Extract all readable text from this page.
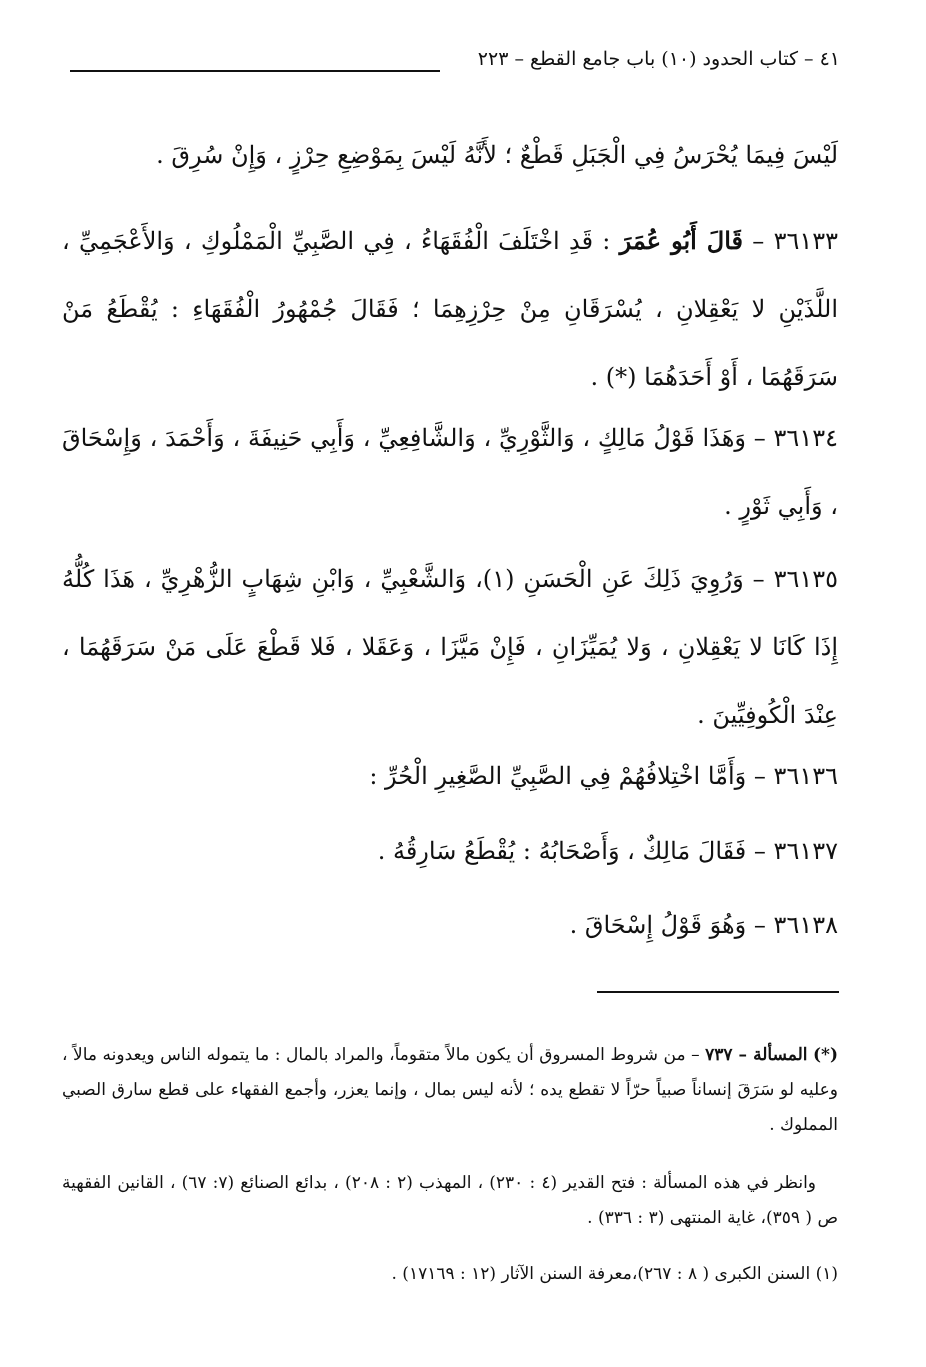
٤١ – كتاب الحدود (١٠) باب جامع القطع – ٢٢٣

لَيْسَ فِيمَا يُحْرَسُ فِي الْجَبَلِ قَطْعٌ ؛ لأَنَّهُ لَيْسَ بِمَوْضِعِ حِرْزٍ ، وَإِنْ سُرِقَ .

٣٦١٣٣ – قَالَ أَبُو عُمَرَ : قَدِ اخْتَلَفَ الْفُقَهَاءُ ، فِي الصَّبِيِّ الْمَمْلُوكِ ، وَالأَعْجَمِيِّ ، اللَّذَيْنِ لا يَعْقِلانِ ، يُسْرَقَانِ مِنْ حِرْزِهِمَا ؛ فَقَالَ جُمْهُورُ الْفُقَهَاءِ : يُقْطَعُ مَنْ سَرَقَهُمَا ، أَوْ أَحَدَهُمَا (*) .

٣٦١٣٤ – وَهَذَا قَوْلُ مَالِكٍ ، وَالثَّوْرِيِّ ، وَالشَّافِعِيِّ ، وَأَبِي حَنِيفَةَ ، وَأَحْمَدَ ، وَإِسْحَاقَ ، وَأَبِي ثَوْرٍ .

٣٦١٣٥ – وَرُوِيَ ذَلِكَ عَنِ الْحَسَنِ (١)، وَالشَّعْبِيِّ ، وَابْنِ شِهَابٍ الزُّهْرِيِّ ، هَذَا كُلُّهُ إِذَا كَانَا لا يَعْقِلانِ ، وَلا يُمَيِّزَانِ ، فَإِنْ مَيَّزَا ، وَعَقَلا ، فَلا قَطْعَ عَلَى مَنْ سَرَقَهُمَا ، عِنْدَ الْكُوفِيِّينَ .

٣٦١٣٦ – وَأَمَّا اخْتِلافُهُمْ فِي الصَّبِيِّ الصَّغِيرِ الْحُرِّ :

٣٦١٣٧ – فَقَالَ مَالِكٌ ، وَأَصْحَابُهُ : يُقْطَعُ سَارِقُهُ .

٣٦١٣٨ – وَهُوَ قَوْلُ إِسْحَاقَ .

(*) المسألة – ٧٣٧ – من شروط المسروق أن يكون مالاً متقوماً، والمراد بالمال : ما يتموله الناس ويعدونه مالاً ، وعليه لو سَرَقَ إنساناً صبياً حرّاً لا تقطع يده ؛ لأنه ليس بمال ، وإنما يعزر، وأجمع الفقهاء على قطع سارق الصبي المملوك .

وانظر في هذه المسألة : فتح القدير (٤ : ٢٣٠) ، المهذب (٢ : ٢٠٨) ، بدائع الصنائع (٧: ٦٧) ، القانين الفقهية ص ( ٣٥٩)، غاية المنتهى (٣ : ٣٣٦) .

(١) السنن الكبرى ( ٨ : ٢٦٧)،معرفة السنن الآثار (١٢ : ١٧١٦٩) .
